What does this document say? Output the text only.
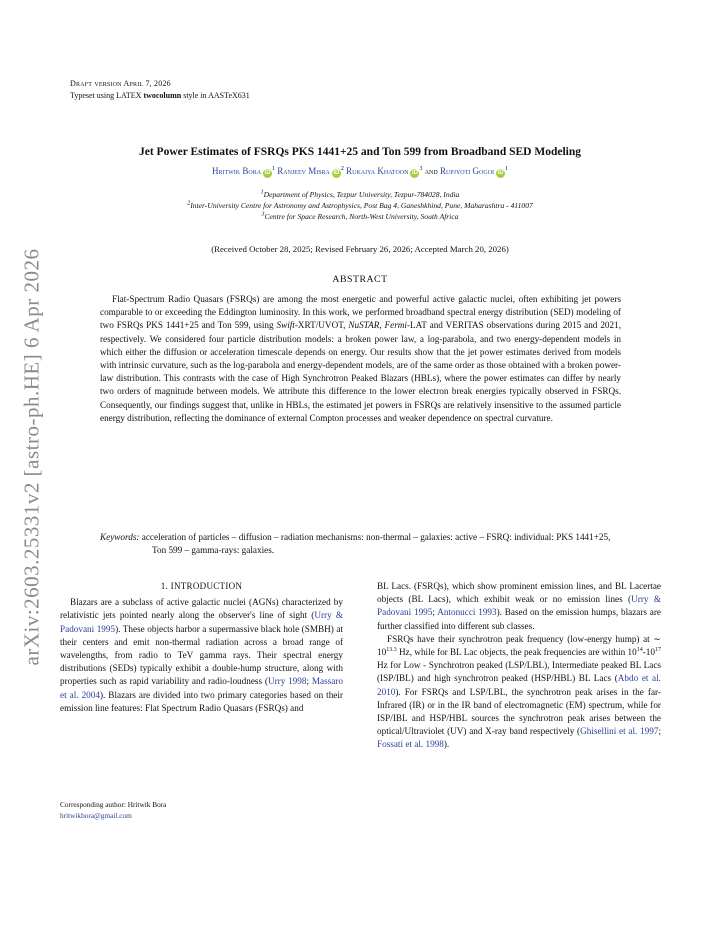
Draft version April 7, 2026
Typeset using LATEX twocolumn style in AASTeX631
arXiv:2603.25331v2 [astro-ph.HE] 6 Apr 2026
Jet Power Estimates of FSRQs PKS 1441+25 and Ton 599 from Broadband SED Modeling
Hritwik Bora $iD^1$ Ranjeev Misra $iD^2$ Rukaiya Khatoon $iD^3$ and Rupjyoti Gogoi $iD^1$
$^1$Department of Physics, Tezpur University, Tezpur-784028, India
$^2$Inter-University Centre for Astronomy and Astrophysics, Post Bag 4, Ganeshkhind, Pune, Maharashtra - 411007
$^3$Centre for Space Research, North-West University, South Africa
(Received October 28, 2025; Revised February 26, 2026; Accepted March 20, 2026)
ABSTRACT
Flat-Spectrum Radio Quasars (FSRQs) are among the most energetic and powerful active galactic nuclei, often exhibiting jet powers comparable to or exceeding the Eddington luminosity. In this work, we performed broadband spectral energy distribution (SED) modeling of two FSRQs PKS 1441+25 and Ton 599, using Swift-XRT/UVOT, NuSTAR, Fermi-LAT and VERITAS observations during 2015 and 2021, respectively. We considered four particle distribution models: a broken power law, a log-parabola, and two energy-dependent models in which either the diffusion or acceleration timescale depends on energy. Our results show that the jet power estimates derived from models with intrinsic curvature, such as the log-parabola and energy-dependent models, are of the same order as those obtained with a broken power-law distribution. This contrasts with the case of High Synchrotron Peaked Blazars (HBLs), where the power estimates can differ by nearly two orders of magnitude between models. We attribute this difference to the lower electron break energies typically observed in FSRQs. Consequently, our findings suggest that, unlike in HBLs, the estimated jet powers in FSRQs are relatively insensitive to the assumed particle energy distribution, reflecting the dominance of external Compton processes and weaker dependence on spectral curvature.
Keywords: acceleration of particles – diffusion – radiation mechanisms: non-thermal – galaxies: active – FSRQ: individual: PKS 1441+25, Ton 599 – gamma-rays: galaxies.
1. INTRODUCTION

Blazars are a subclass of active galactic nuclei (AGNs) characterized by relativistic jets pointed nearly along the observer's line of sight (Urry & Padovani 1995). These objects harbor a supermassive black hole (SMBH) at their centers and emit non-thermal radiation across a broad range of wavelengths, from radio to TeV gamma rays. Their spectral energy distributions (SEDs) typically exhibit a double-hump structure, along with properties such as rapid variability and radio-loudness (Urry 1998; Massaro et al. 2004). Blazars are divided into two primary categories based on their emission line features: Flat Spectrum Radio Quasars (FSRQs) and

BL Lacs. (FSRQs), which show prominent emission lines, and BL Lacertae objects (BL Lacs), which exhibit weak or no emission lines (Urry & Padovani 1995; Antonucci 1993). Based on the emission humps, blazars are further classified into different sub classes.

FSRQs have their synchrotron peak frequency (low-energy hump) at ∼ $10^{13.3}$ Hz, while for BL Lac objects, the peak frequencies are within $10^{14}-10^{17}$ Hz for Low - Synchrotron peaked (LSP/LBL), Intermediate peaked BL Lacs (ISP/IBL) and high synchrotron peaked (HSP/HBL) BL Lacs (Abdo et al. 2010). For FSRQs and LSP/LBL, the synchrotron peak arises in the far-Infrared (IR) or in the IR band of electromagnetic (EM) spectrum, while for ISP/IBL and HSP/HBL sources the synchrotron peak arises between the optical/Ultraviolet (UV) and X-ray band respectively (Ghisellini et al. 1997; Fossati et al. 1998).

Corresponding author: Hritwik Bora
hritwikbora@gmail.com
